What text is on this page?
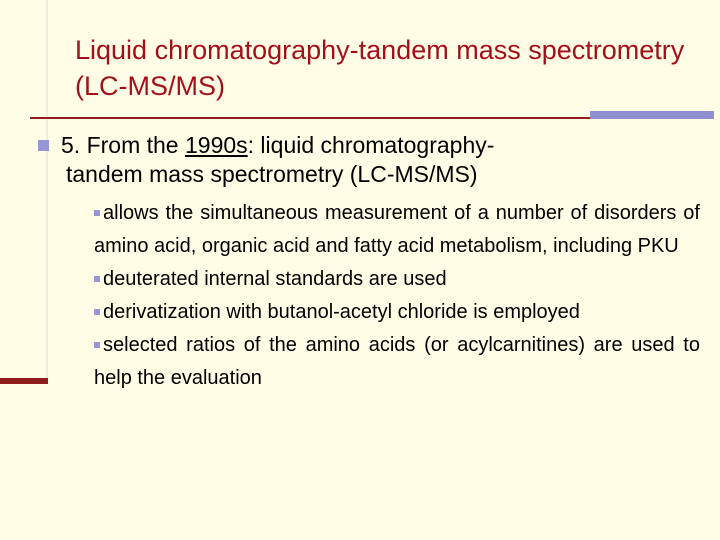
Liquid chromatography-tandem mass spectrometry (LC-MS/MS)
5. From the 1990s: liquid chromatography-
tandem mass spectrometry (LC-MS/MS)

allows the simultaneous measurement of a number of disorders of amino acid, organic acid and fatty acid metabolism, including PKU

deuterated internal standards are used

derivatization with butanol-acetyl chloride is employed

selected ratios of the amino acids (or acylcarnitines) are used to help the evaluation
